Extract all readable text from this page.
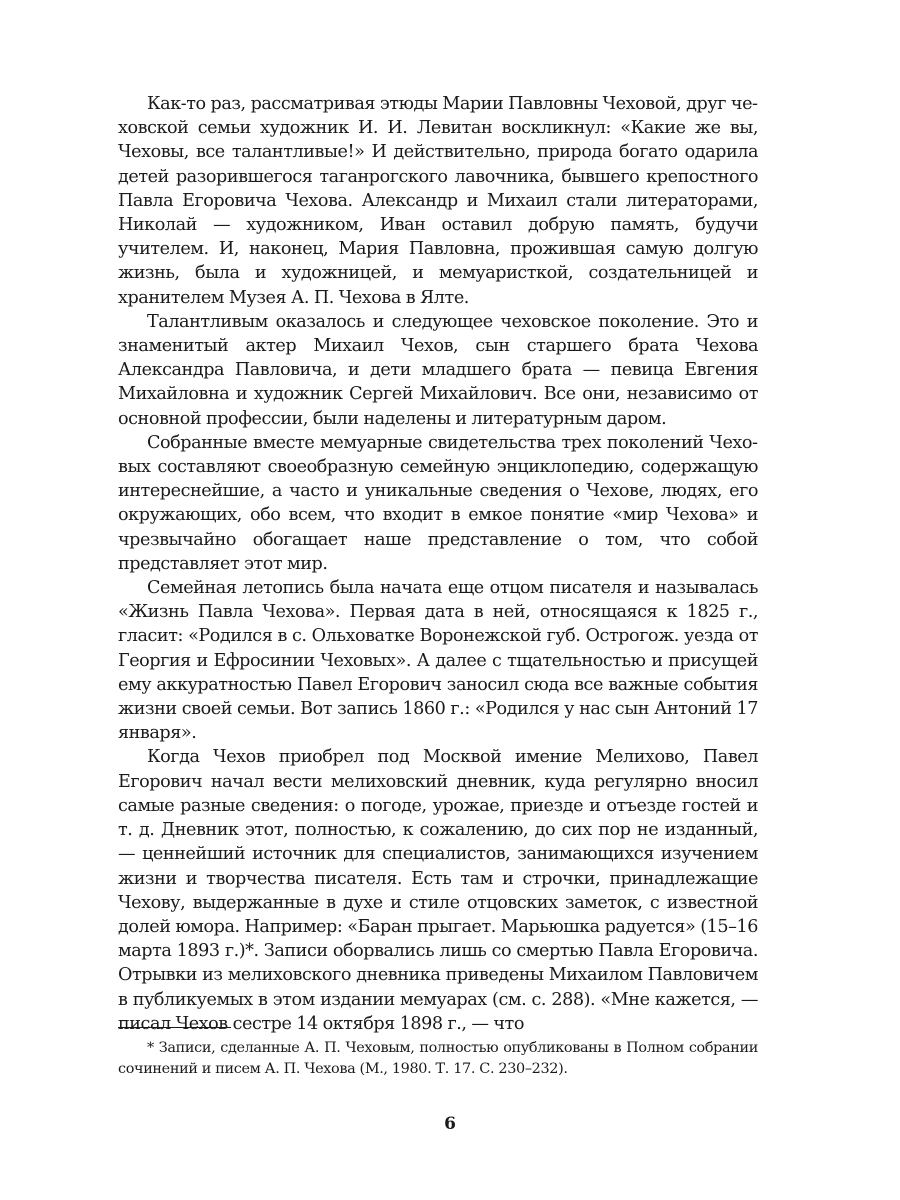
Как-то раз, рассматривая этюды Марии Павловны Чеховой, друг чеховской семьи художник И. И. Левитан воскликнул: «Какие же вы, Чеховы, все талантливые!» И действительно, природа богато одарила детей разорившегося таганрогского лавочника, бывшего крепостного Павла Егоровича Чехова. Александр и Михаил стали литераторами, Николай — художником, Иван оставил добрую память, будучи учителем. И, наконец, Мария Павловна, прожившая самую долгую жизнь, была и художницей, и мемуаристкой, создательницей и хранителем Музея А. П. Чехова в Ялте.

Талантливым оказалось и следующее чеховское поколение. Это и знаменитый актер Михаил Чехов, сын старшего брата Чехова Александра Павловича, и дети младшего брата — певица Евгения Михайловна и художник Сергей Михайлович. Все они, независимо от основной профессии, были наделены и литературным даром.

Собранные вместе мемуарные свидетельства трех поколений Чеховых составляют своеобразную семейную энциклопедию, содержащую интереснейшие, а часто и уникальные сведения о Чехове, людях, его окружающих, обо всем, что входит в емкое понятие «мир Чехова» и чрезвычайно обогащает наше представление о том, что собой представляет этот мир.

Семейная летопись была начата еще отцом писателя и называлась «Жизнь Павла Чехова». Первая дата в ней, относящаяся к 1825 г., гласит: «Родился в с. Ольховатке Воронежской губ. Острогож. уезда от Георгия и Ефросинии Чеховых». А далее с тщательностью и присущей ему аккуратностью Павел Егорович заносил сюда все важные события жизни своей семьи. Вот запись 1860 г.: «Родился у нас сын Антоний 17 января».

Когда Чехов приобрел под Москвой имение Мелихово, Павел Егорович начал вести мелиховский дневник, куда регулярно вносил самые разные сведения: о погоде, урожае, приезде и отъезде гостей и т. д. Дневник этот, полностью, к сожалению, до сих пор не изданный, — ценнейший источник для специалистов, занимающихся изучением жизни и творчества писателя. Есть там и строчки, принадлежащие Чехову, выдержанные в духе и стиле отцовских заметок, с известной долей юмора. Например: «Баран прыгает. Марьюшка радуется» (15–16 марта 1893 г.)*. Записи оборвались лишь со смертью Павла Егоровича. Отрывки из мелиховского дневника приведены Михаилом Павловичем в публикуемых в этом издании мемуарах (см. с. 288). «Мне кажется, — писал Чехов сестре 14 октября 1898 г., — что

* Записи, сделанные А. П. Чеховым, полностью опубликованы в Полном собрании сочинений и писем А. П. Чехова (М., 1980. Т. 17. С. 230–232).

6
